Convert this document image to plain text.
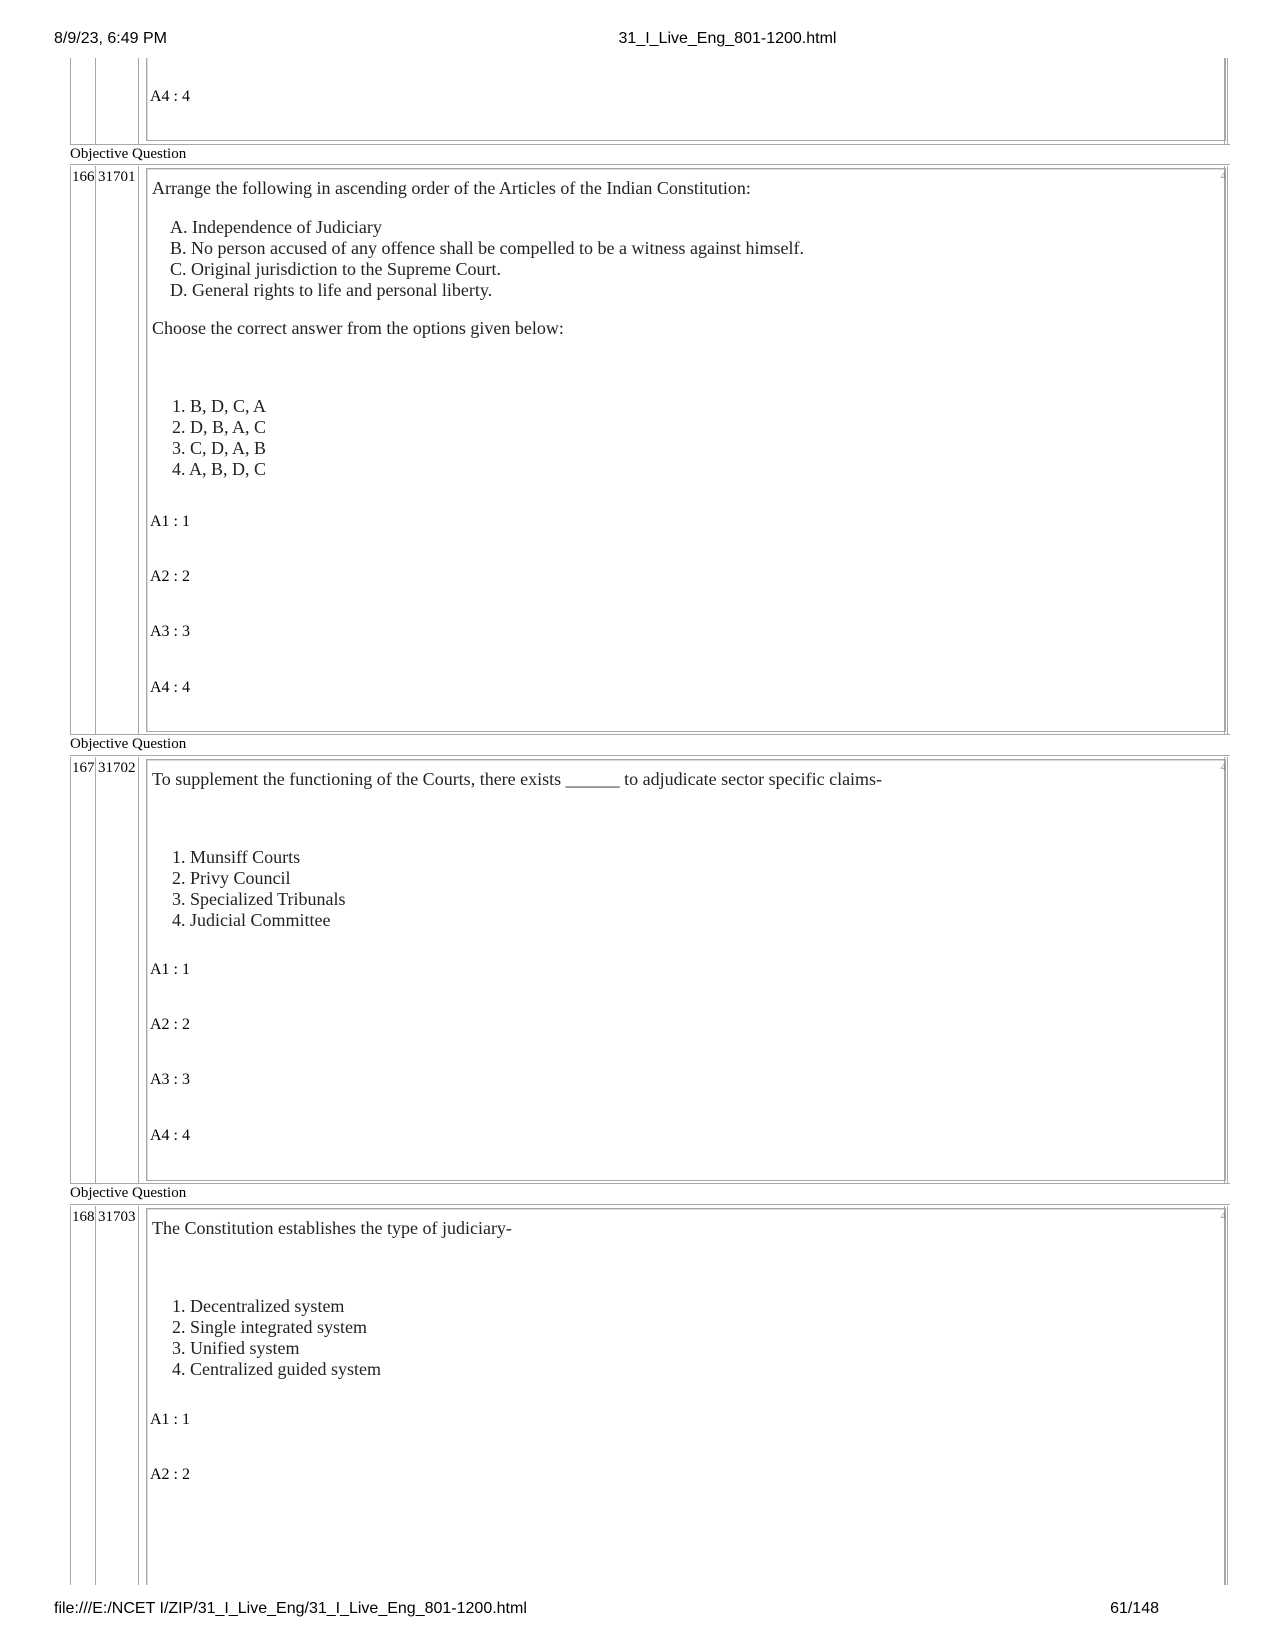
8/9/23, 6:49 PM	31_I_Live_Eng_801-1200.html
A4 : 4
Objective Question
166 31701	4
Arrange the following in ascending order of the Articles of the Indian Constitution:
A. Independence of Judiciary
B. No person accused of any offence shall be compelled to be a witness against himself.
C. Original jurisdiction to the Supreme Court.
D. General rights to life and personal liberty.
Choose the correct answer from the options given below:
1. B, D, C, A
2. D, B, A, C
3. C, D, A, B
4. A, B, D, C
A1 : 1
A2 : 2
A3 : 3
A4 : 4
Objective Question
167 31702	4
To supplement the functioning of the Courts, there exists ______ to adjudicate sector specific claims-
1. Munsiff Courts
2. Privy Council
3. Specialized Tribunals
4. Judicial Committee
A1 : 1
A2 : 2
A3 : 3
A4 : 4
Objective Question
168 31703	4
The Constitution establishes the type of judiciary-
1. Decentralized system
2. Single integrated system
3. Unified system
4. Centralized guided system
A1 : 1
A2 : 2
file:///E:/NCET I/ZIP/31_I_Live_Eng/31_I_Live_Eng_801-1200.html	61/148
